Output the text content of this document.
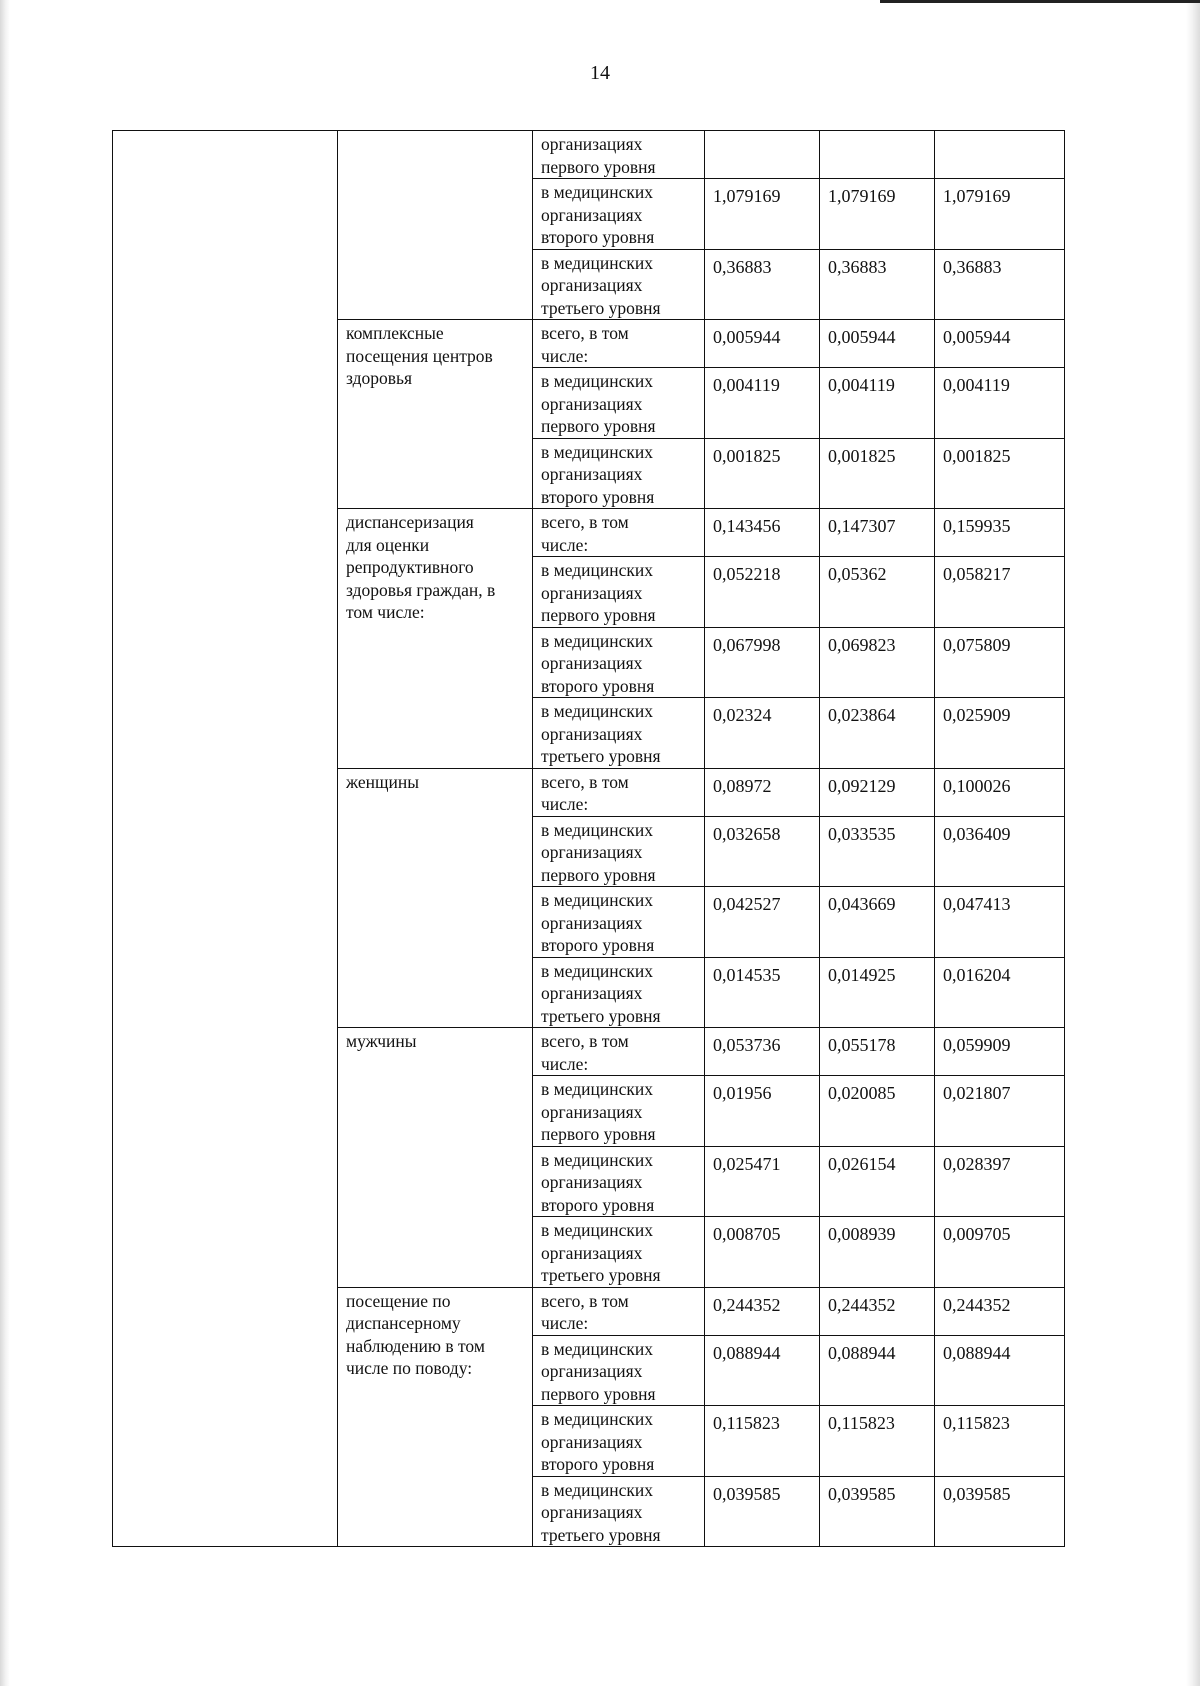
14

		организациях
первого уровня			

		в медицинских
организациях
второго уровня	1,079169	1,079169	1,079169

		в медицинских
организациях
третьего уровня	0,36883	0,36883	0,36883

	комплексные
посещения центров
здоровья	всего, в том
числе:	0,005944	0,005944	0,005944

		в медицинских
организациях
первого уровня	0,004119	0,004119	0,004119

		в медицинских
организациях
второго уровня	0,001825	0,001825	0,001825

	диспансеризация
для оценки
репродуктивного
здоровья граждан, в
том числе:	всего, в том
числе:	0,143456	0,147307	0,159935

		в медицинских
организациях
первого уровня	0,052218	0,05362	0,058217

		в медицинских
организациях
второго уровня	0,067998	0,069823	0,075809

		в медицинских
организациях
третьего уровня	0,02324	0,023864	0,025909

	женщины	всего, в том
числе:	0,08972	0,092129	0,100026

		в медицинских
организациях
первого уровня	0,032658	0,033535	0,036409

		в медицинских
организациях
второго уровня	0,042527	0,043669	0,047413

		в медицинских
организациях
третьего уровня	0,014535	0,014925	0,016204

	мужчины	всего, в том
числе:	0,053736	0,055178	0,059909

		в медицинских
организациях
первого уровня	0,01956	0,020085	0,021807

		в медицинских
организациях
второго уровня	0,025471	0,026154	0,028397

		в медицинских
организациях
третьего уровня	0,008705	0,008939	0,009705

	посещение по
диспансерному
наблюдению в том
числе по поводу:	всего, в том
числе:	0,244352	0,244352	0,244352

		в медицинских
организациях
первого уровня	0,088944	0,088944	0,088944

		в медицинских
организациях
второго уровня	0,115823	0,115823	0,115823

		в медицинских
организациях
третьего уровня	0,039585	0,039585	0,039585
